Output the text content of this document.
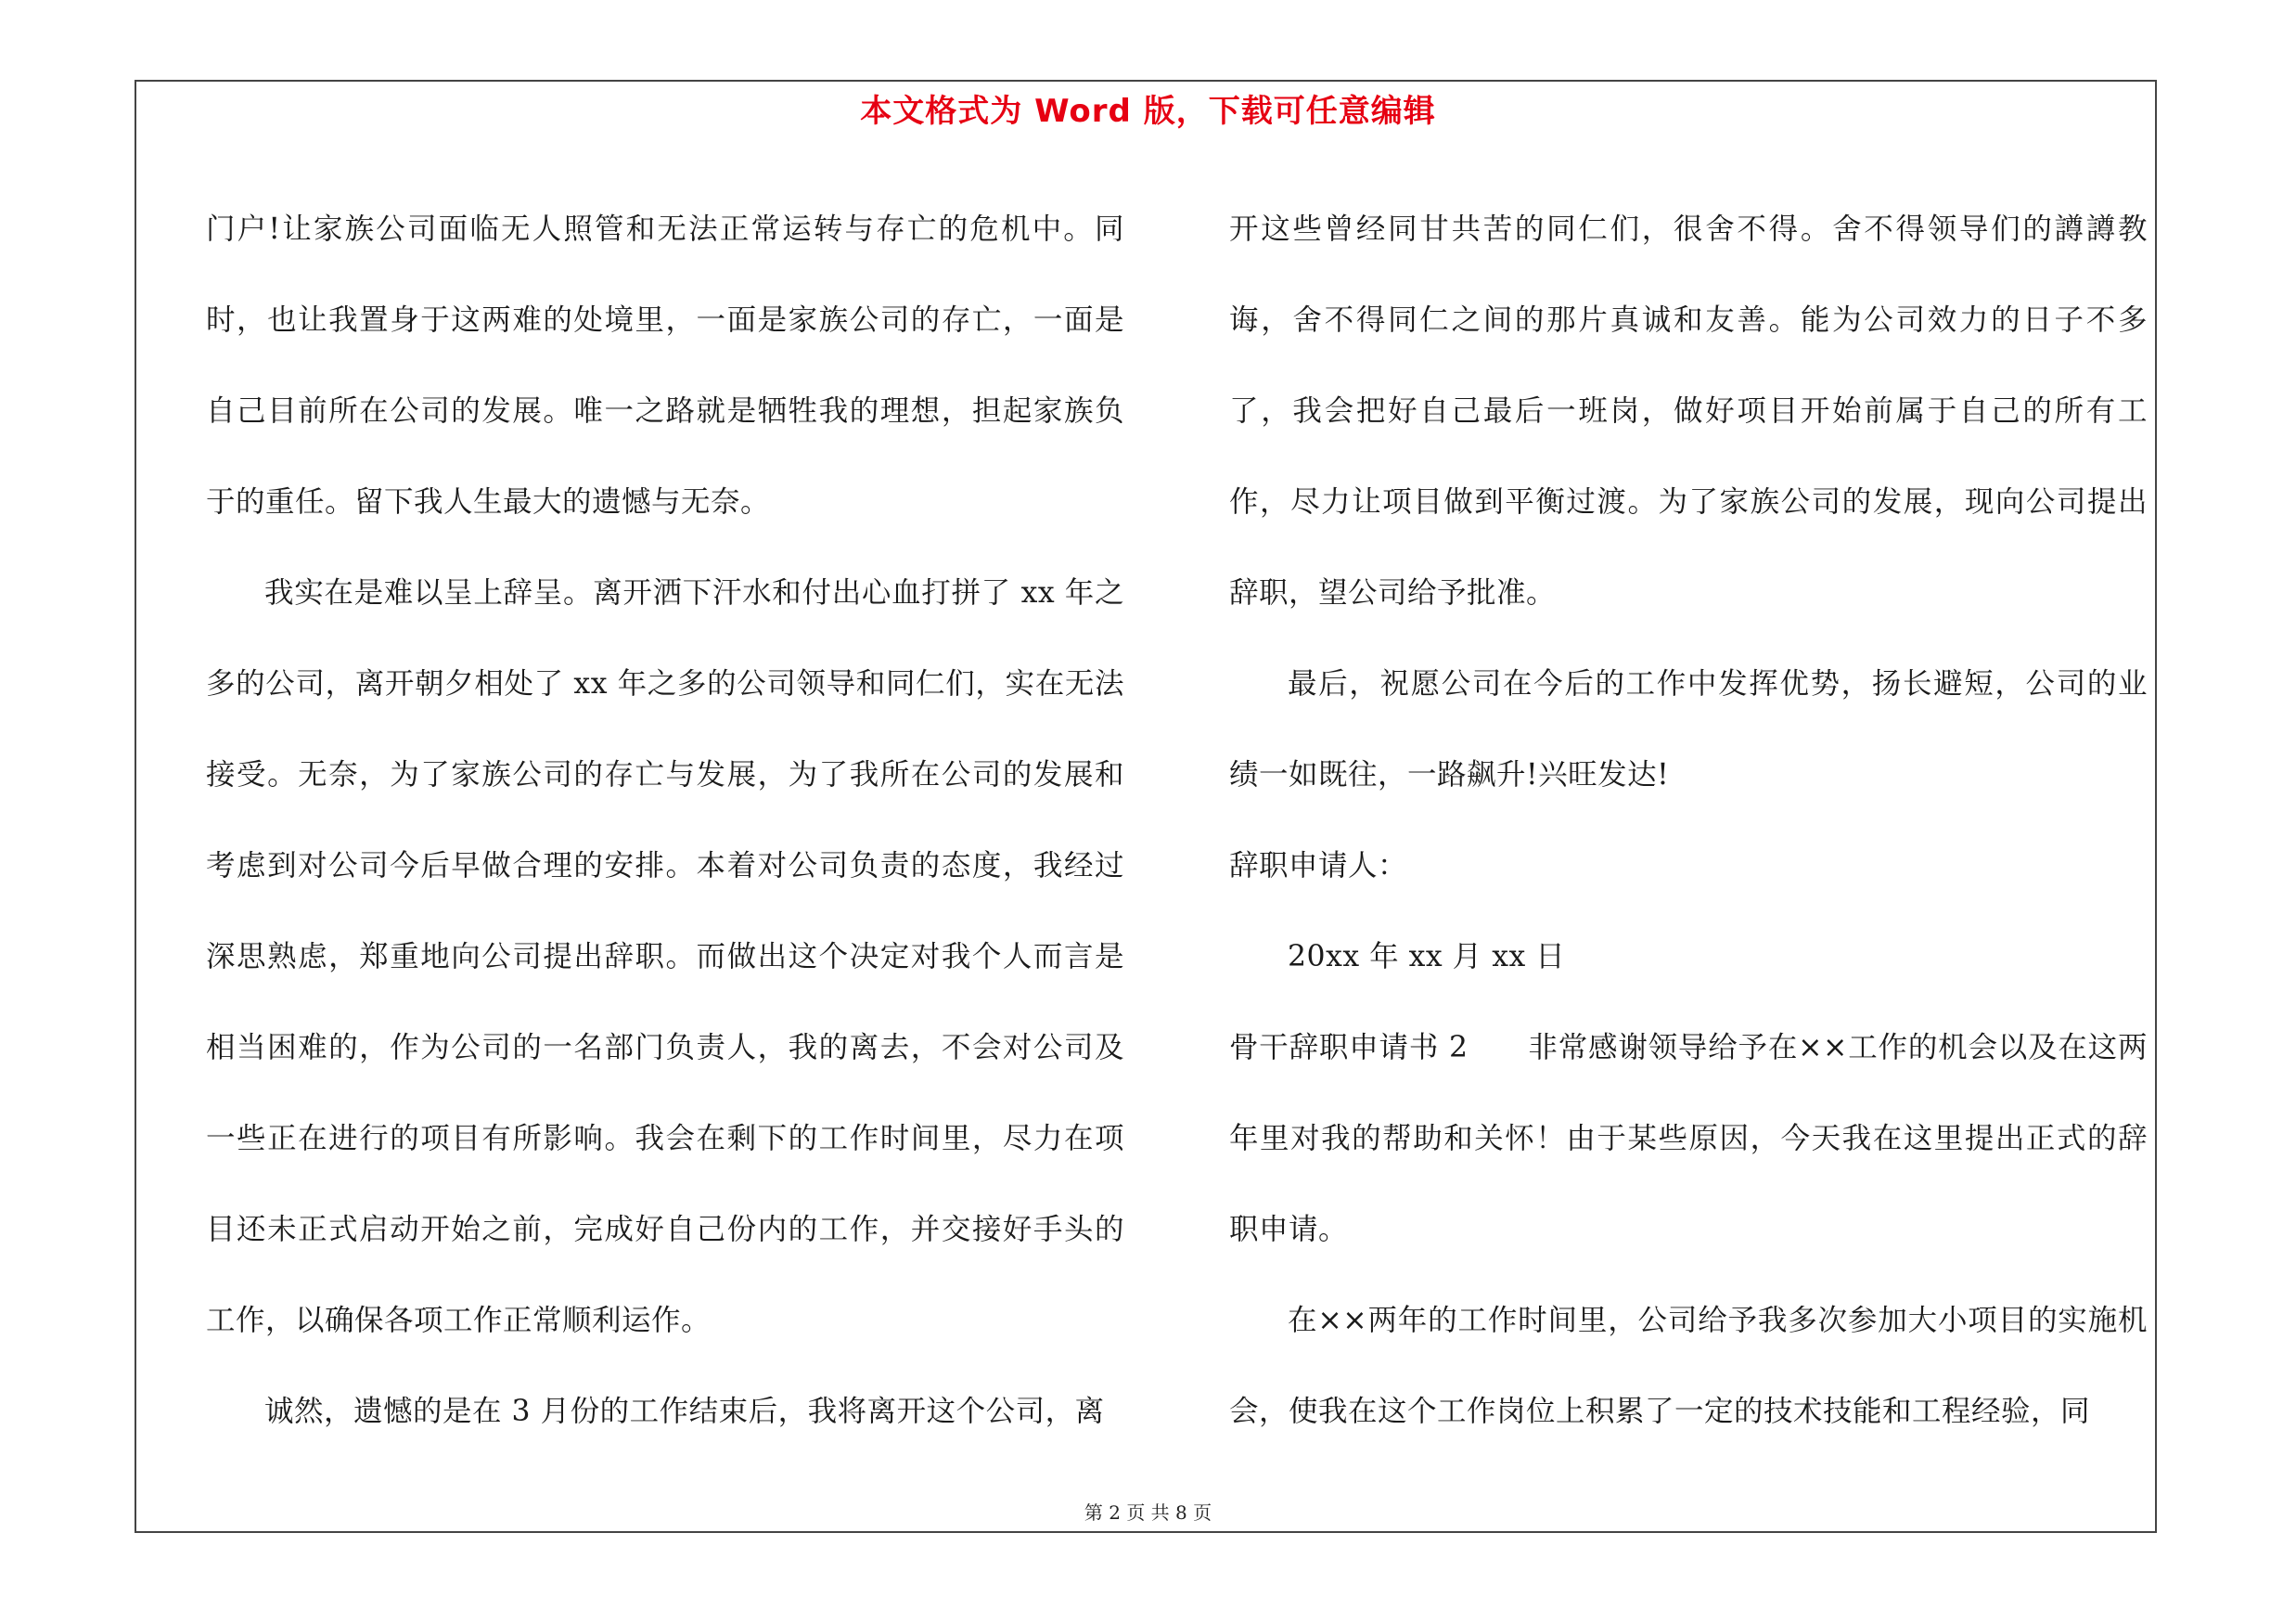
本文格式为 Word 版，下载可任意编辑

门户!让家族公司面临无人照管和无法正常运转与存亡的危机中。同时，也让我置身于这两难的处境里，一面是家族公司的存亡，一面是自己目前所在公司的发展。唯一之路就是牺牲我的理想，担起家族负于的重任。留下我人生最大的遗憾与无奈。

我实在是难以呈上辞呈。离开洒下汗水和付出心血打拼了 xx 年之多的公司，离开朝夕相处了 xx 年之多的公司领导和同仁们，实在无法接受。无奈，为了家族公司的存亡与发展，为了我所在公司的发展和考虑到对公司今后早做合理的安排。本着对公司负责的态度，我经过深思熟虑，郑重地向公司提出辞职。而做出这个决定对我个人而言是相当困难的，作为公司的一名部门负责人，我的离去，不会对公司及一些正在进行的项目有所影响。我会在剩下的工作时间里，尽力在项目还未正式启动开始之前，完成好自己份内的工作，并交接好手头的工作，以确保各项工作正常顺利运作。

诚然，遗憾的是在 3 月份的工作结束后，我将离开这个公司，离

开这些曾经同甘共苦的同仁们，很舍不得。舍不得领导们的譐譐教诲，舍不得同仁之间的那片真诚和友善。能为公司效力的日子不多了，我会把好自己最后一班岗，做好项目开始前属于自己的所有工作，尽力让项目做到平衡过渡。为了家族公司的发展，现向公司提出辞职，望公司给予批准。

最后，祝愿公司在今后的工作中发挥优势，扬长避短，公司的业绩一如既往，一路飙升!兴旺发达!

辞职申请人：

20xx 年 xx 月 xx 日

骨干辞职申请书 2　　非常感谢领导给予在××工作的机会以及在这两年里对我的帮助和关怀！由于某些原因，今天我在这里提出正式的辞职申请。

在××两年的工作时间里，公司给予我多次参加大小项目的实施机会，使我在这个工作岗位上积累了一定的技术技能和工程经验，同

第 2 页 共 8 页
